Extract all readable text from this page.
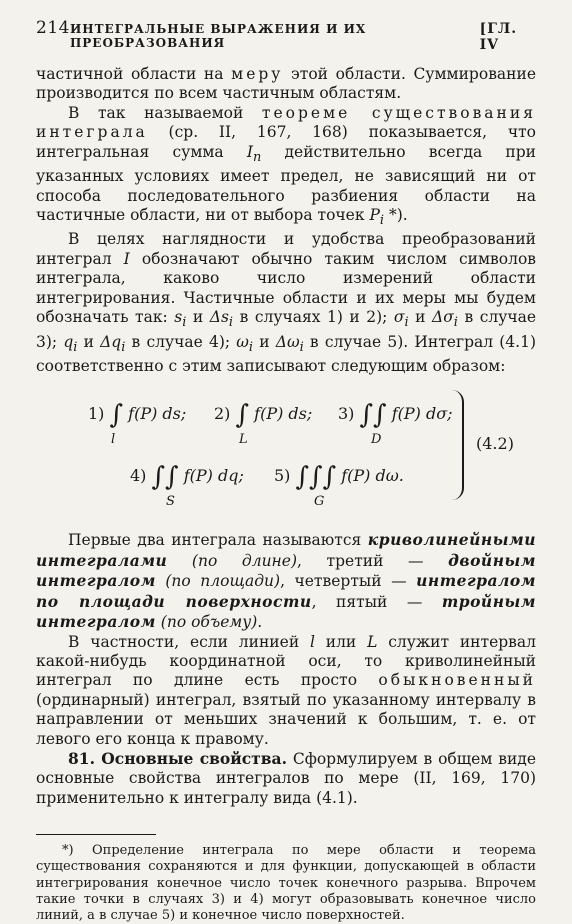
214 ИНТЕГРАЛЬНЫЕ ВЫРАЖЕНИЯ И ИХ ПРЕОБРАЗОВАНИЯ
[ГЛ. IV

частичной области на меру этой области. Суммирование производится по всем частичным областям.

В так называемой теореме существования интеграла (ср. II, 167, 168) показывается, что интегральная сумма $I_n$ действительно всегда при указанных условиях имеет предел, не зависящий ни от способа последовательного разбиения области на частичные области, ни от выбора точек $P_i$ *).

В целях наглядности и удобства преобразований интеграл I обозначают обычно таким числом символов интеграла, каково число измерений области интегрирования. Частичные области и их меры мы будем обозначать так: $s_i$ и $\Delta s_i$ в случаях 1) и 2); $\sigma_i$ и $\Delta\sigma_i$ в случае 3); $q_i$ и $\Delta q_i$ в случае 4); $\omega_i$ и $\Delta\omega_i$ в случае 5). Интеграл (4.1) соответственно с этим записывают следующим образом:

1) ∫ f(P) ds;
l
2) ∫ f(P) ds;
L
3) ∫∫ f(P) dσ;
D
4) ∫∫ f(P) dq;
S
5) ∫∫∫ f(P) dω.
G
(4.2)

Первые два интеграла называются криволинейными интегралами (по длине), третий — двойным интегралом (по площади), четвертый — интегралом по площади поверхности, пятый — тройным интегралом (по объему).

В частности, если линией l или L служит интервал какой-нибудь координатной оси, то криволинейный интеграл по длине есть просто обыкновенный (ординарный) интеграл, взятый по указанному интервалу в направлении от меньших значений к большим, т. е. от левого его конца к правому.

81. Основные свойства. Сформулируем в общем виде основные свойства интегралов по мере (II, 169, 170) применительно к интегралу вида (4.1).

*) Определение интеграла по мере области и теорема существования сохраняются и для функции, допускающей в области интегрирования конечное число точек конечного разрыва. Впрочем такие точки в случаях 3) и 4) могут образовывать конечное число линий, а в случае 5) и конечное число поверхностей.
